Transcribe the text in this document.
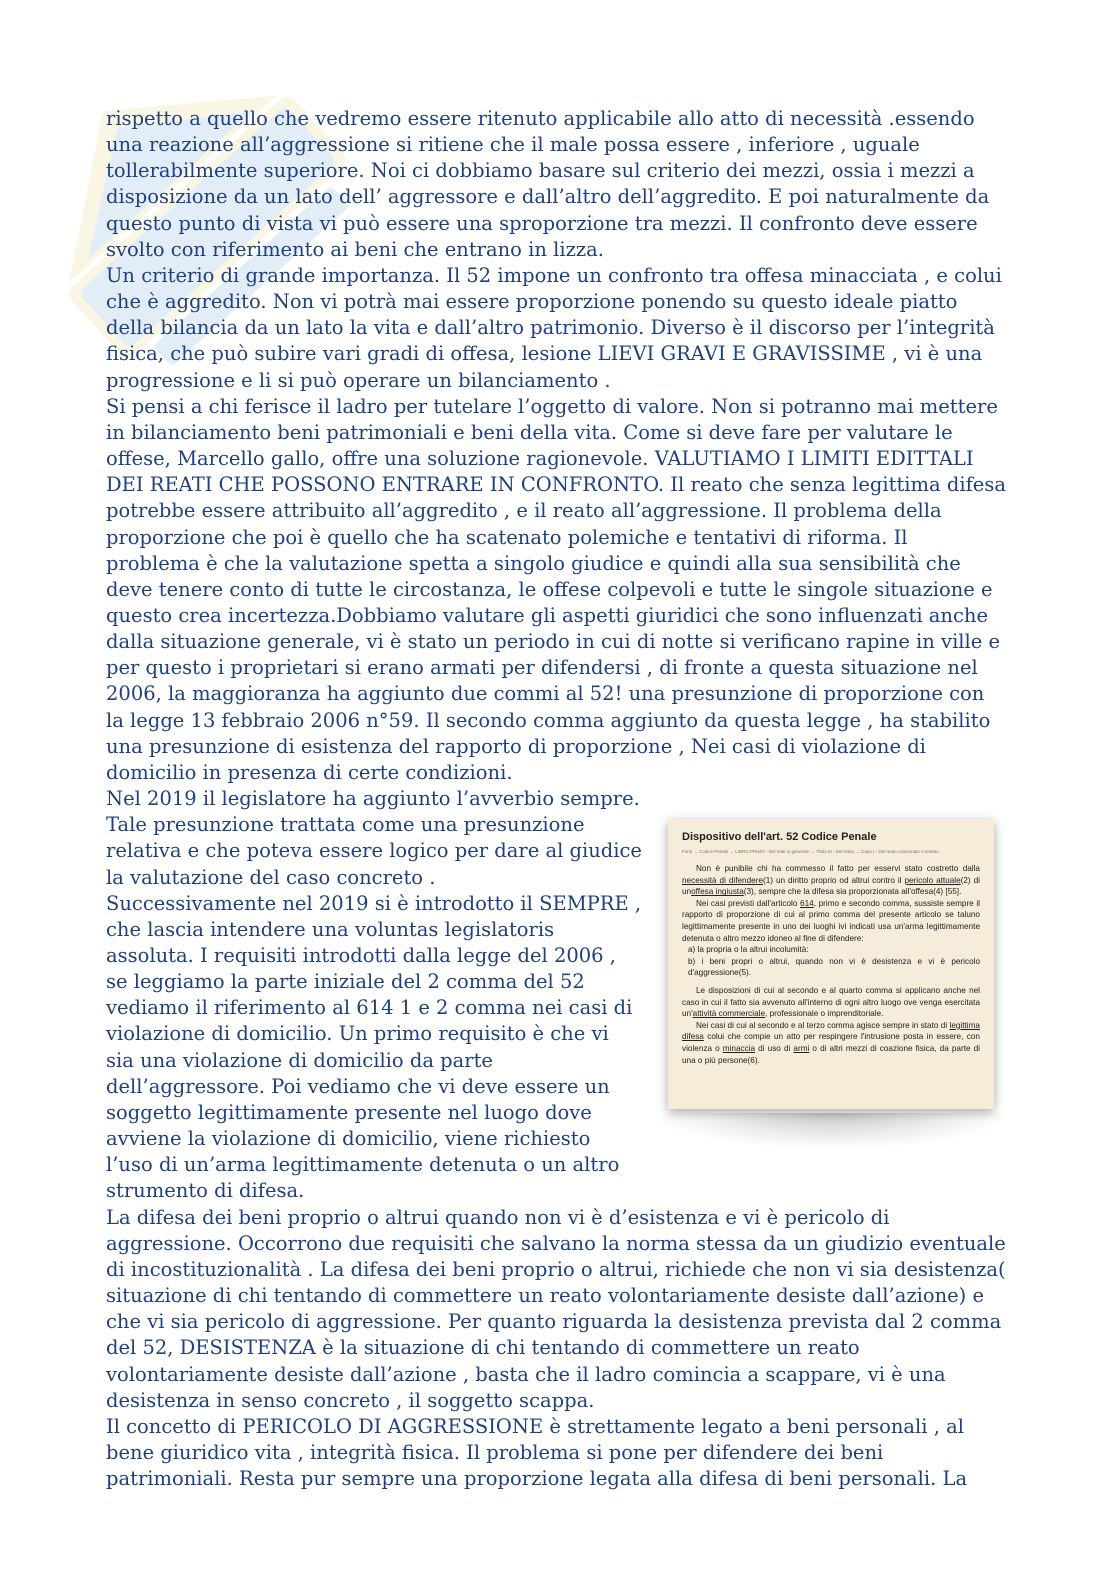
rispetto a quello che vedremo essere ritenuto applicabile allo atto di necessità .essendo una reazione all’aggressione si ritiene che il male possa essere , inferiore , uguale tollerabilmente superiore. Noi ci dobbiamo basare sul criterio dei mezzi, ossia i mezzi a disposizione da un lato dell’ aggressore e dall’altro dell’aggredito. E poi naturalmente da questo punto di vista vi può essere una sproporzione tra mezzi. Il confronto deve essere svolto con riferimento ai beni che entrano in lizza.

Un criterio di grande importanza. Il 52 impone un confronto tra offesa minacciata , e colui che è aggredito. Non vi potrà mai essere proporzione ponendo su questo ideale piatto della bilancia da un lato la vita e dall’altro patrimonio. Diverso è il discorso per l’integrità fisica, che può subire vari gradi di offesa, lesione LIEVI GRAVI E GRAVISSIME , vi è una progressione e li si può operare un bilanciamento .

Si pensi a chi ferisce il ladro per tutelare l’oggetto di valore. Non si potranno mai mettere in bilanciamento beni patrimoniali e beni della vita. Come si deve fare per valutare le offese, Marcello gallo, offre una soluzione ragionevole. VALUTIAMO I LIMITI EDITTALI DEI REATI CHE POSSONO ENTRARE IN CONFRONTO. Il reato che senza legittima difesa potrebbe essere attribuito all’aggredito , e il reato all’aggressione. Il problema della proporzione che poi è quello che ha scatenato polemiche e tentativi di riforma. Il problema è che la valutazione spetta a singolo giudice e quindi alla sua sensibilità che deve tenere conto di tutte le circostanza, le offese colpevoli e tutte le singole situazione e questo crea incertezza.Dobbiamo valutare gli aspetti giuridici che sono influenzati anche dalla situazione generale, vi è stato un periodo in cui di notte si verificano rapine in ville e per questo i proprietari si erano armati per difendersi , di fronte a questa situazione nel 2006, la maggioranza ha aggiunto due commi al 52! una presunzione di proporzione con la legge 13 febbraio 2006 n°59. Il secondo comma aggiunto da questa legge , ha stabilito una presunzione di esistenza del rapporto di proporzione , Nei casi di violazione di domicilio in presenza di certe condizioni.

Dispositivo dell'art. 52 Codice Penale
Fonti → Codice Penale → LIBRO PRIMO - Dei reati in generale → Titolo III - Del reato → Capo I - Del reato consumato e tentato

Non è punibile chi ha commesso il fatto per esservi stato costretto dalla necessità di difendere(1) un diritto proprio od altrui contro il pericolo attuale(2) di unoffesa ingiusta(3), sempre che la difesa sia proporzionata all'offesa(4) [55].

Nei casi previsti dall'articolo 614, primo e secondo comma, sussiste sempre il rapporto di proporzione di cui al primo comma del presente articolo se taluno legittimamente presente in uno dei luoghi ivi indicati usa un'arma legittimamente detenuta o altro mezzo idoneo al fine di difendere:

a) la propria o la altrui incolumità:
b) i beni propri o altrui, quando non vi è desistenza e vi è pericolo d'aggressione(5).

Le disposizioni di cui al secondo e al quarto comma si applicano anche nel caso in cui il fatto sia avvenuto all'interno di ogni altro luogo ove venga esercitata un'attività commerciale, professionale o imprenditoriale.

Nei casi di cui al secondo e al terzo comma agisce sempre in stato di legittima difesa colui che compie un atto per respingere l'intrusione posta in essere, con violenza o minaccia di uso di armi o di altri mezzi di coazione fisica, da parte di una o più persone(6).

Nel 2019 il legislatore ha aggiunto l’avverbio sempre. Tale presunzione trattata come una presunzione relativa e che poteva essere logico per dare al giudice la valutazione del caso concreto .

Successivamente nel 2019 si è introdotto il SEMPRE , che lascia intendere una voluntas legislatoris assoluta. I requisiti introdotti dalla legge del 2006 , se leggiamo la parte iniziale del 2 comma del 52 vediamo il riferimento al 614 1 e 2 comma nei casi di violazione di domicilio. Un primo requisito è che vi sia una violazione di domicilio da parte dell’aggressore. Poi vediamo che vi deve essere un soggetto legittimamente presente nel luogo dove avviene la violazione di domicilio, viene richiesto l’uso di un’arma legittimamente detenuta o un altro strumento di difesa.

La difesa dei beni proprio o altrui quando non vi è d’esistenza e vi è pericolo di aggressione. Occorrono due requisiti che salvano la norma stessa da un giudizio eventuale di incostituzionalità . La difesa dei beni proprio o altrui, richiede che non vi sia desistenza( situazione di chi tentando di commettere un reato volontariamente desiste dall’azione) e che vi sia pericolo di aggressione. Per quanto riguarda la desistenza prevista dal 2 comma del 52, DESISTENZA è la situazione di chi tentando di commettere un reato volontariamente desiste dall’azione , basta che il ladro comincia a scappare, vi è una desistenza in senso concreto , il soggetto scappa.

Il concetto di PERICOLO DI AGGRESSIONE è strettamente legato a beni personali , al bene giuridico vita , integrità fisica. Il problema si pone per difendere dei beni patrimoniali. Resta pur sempre una proporzione legata alla difesa di beni personali. La
